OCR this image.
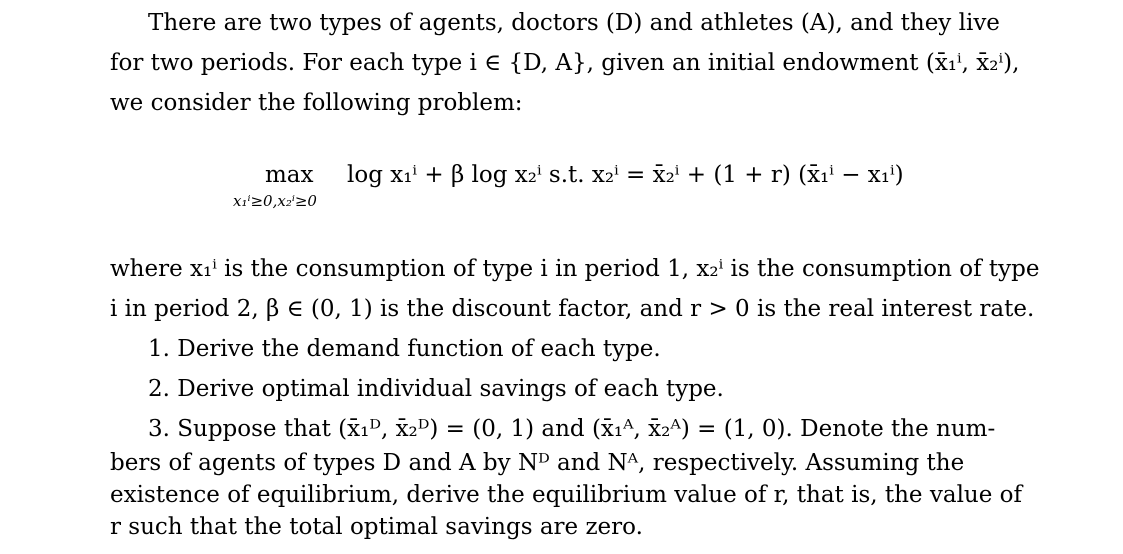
There are two types of agents, doctors (D) and athletes (A), and they live
for two periods. For each type i ∈ {D, A}, given an initial endowment (x̄₁ⁱ, x̄₂ⁱ),
we consider the following problem:
max
x₁ⁱ≥0,x₂ⁱ≥0
log x₁ⁱ + β log x₂ⁱ s.t. x₂ⁱ = x̄₂ⁱ + (1 + r) (x̄₁ⁱ − x₁ⁱ)
where x₁ⁱ is the consumption of type i in period 1, x₂ⁱ is the consumption of type
i in period 2, β ∈ (0, 1) is the discount factor, and r > 0 is the real interest rate.
1. Derive the demand function of each type.
2. Derive optimal individual savings of each type.
3. Suppose that (x̄₁ᴰ, x̄₂ᴰ) = (0, 1) and (x̄₁ᴬ, x̄₂ᴬ) = (1, 0). Denote the num-
bers of agents of types D and A by Nᴰ and Nᴬ, respectively. Assuming the
existence of equilibrium, derive the equilibrium value of r, that is, the value of
r such that the total optimal savings are zero.
